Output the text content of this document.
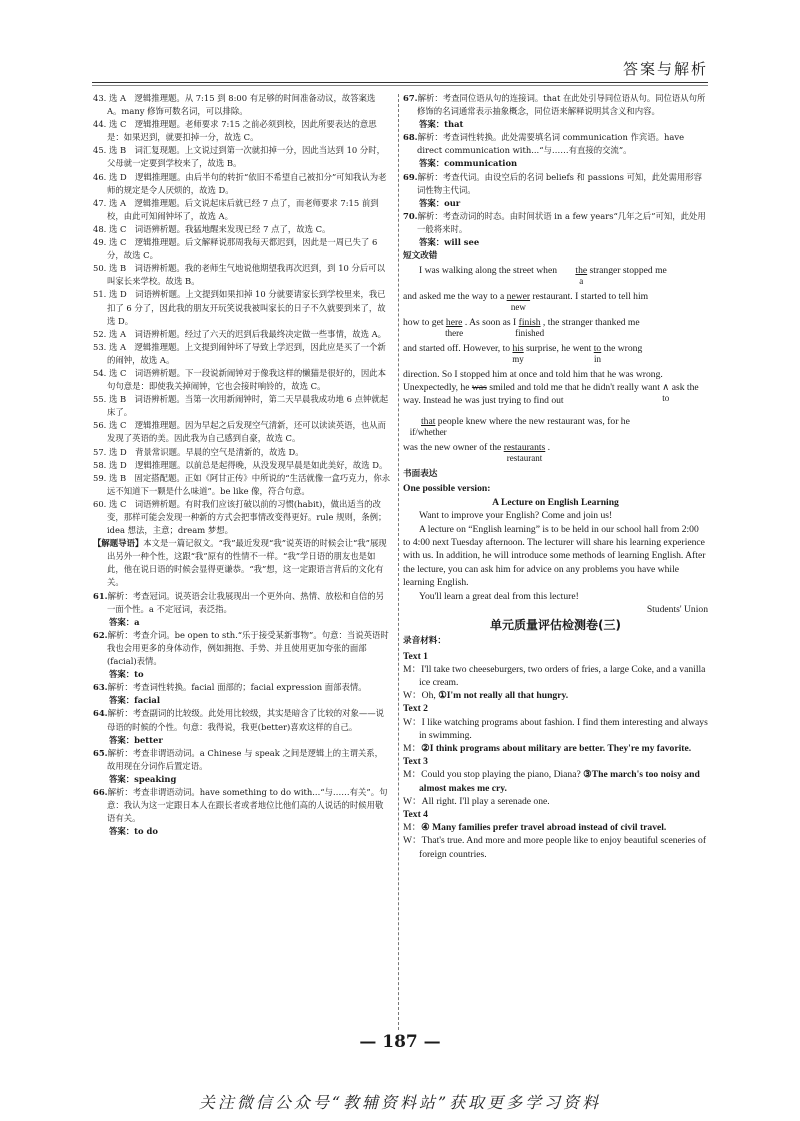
答案与解析

43. 选 A　逻辑推理题。从 7:15 到 8:00 有足够的时间准备动议，故答案选 A。many 修饰可数名词，可以排除。

44. 选 C　逻辑推理题。老师要求 7:15 之前必须到校，因此所要表达的意思是：如果迟到，就要扣掉一分，故选 C。

45. 选 B　词汇复现题。上文说过到第一次就扣掉一分，因此当达到 10 分时，父母就一定要到学校来了，故选 B。

46. 选 D　逻辑推理题。由后半句的转折“依旧不希望自己被扣分”可知我认为老师的规定是令人厌烦的，故选 D。

47. 选 A　逻辑推理题。后文说起床后就已经 7 点了，而老师要求 7:15 前到校，由此可知闹钟坏了，故选 A。

48. 选 C　词语辨析题。我猛地醒来发现已经 7 点了，故选 C。

49. 选 C　逻辑推理题。后文解释说那周我每天都迟到，因此是一周已失了 6 分，故选 C。

50. 选 B　词语辨析题。我的老师生气地说他期望我再次迟到，到 10 分后可以叫家长来学校。故选 B。

51. 选 D　词语辨析题。上文提到如果扣掉 10 分就要请家长到学校里来，我已扣了 6 分了，因此我的朋友开玩笑说我被叫家长的日子不久就要到来了，故选 D。

52. 选 A　词语辨析题。经过了六天的迟到后我最终决定做一些事情，故选 A。

53. 选 A　逻辑推理题。上文提到闹钟坏了导致上学迟到，因此应是买了一个新的闹钟，故选 A。

54. 选 C　词语辨析题。下一段说新闹钟对于像我这样的懒猫是很好的，因此本句句意是：即使我关掉闹钟，它也会接时响铃的，故选 C。

55. 选 B　词语辨析题。当第一次用新闹钟时，第二天早晨我成功地 6 点钟就起床了。

56. 选 C　逻辑推理题。因为早起之后发现空气清新，还可以读读英语，也从而发现了英语的美。因此我为自己感到自豪，故选 C。

57. 选 D　背景常识题。早晨的空气是清新的，故选 D。

58. 选 D　逻辑推理题。以前总是起得晚，从没发现早晨是如此美好，故选 D。

59. 选 B　固定搭配题。正如《阿甘正传》中所说的“生活就像一盒巧克力，你永远不知道下一颗是什么味道”。be like 像，符合句意。

60. 选 C　词语辨析题。有时我们应该打破以前的习惯(habit)，做出适当的改变，那样可能会发现一种新的方式会把事情改变得更好。rule 规则，条例；idea 想法，主意；dream 梦想。

【解题导语】本文是一篇记叙文。“我”最近发现“我”说英语的时候会让“我”展现出另外一种个性，这跟“我”原有的性情不一样。“我”学日语的朋友也是如此，他在说日语的时候会显得更谦恭。“我”想，这一定跟语言背后的文化有关。

61.解析：考查冠词。说英语会让我展现出一个更外向、热情、放松和自信的另一面个性。a 不定冠词，表泛指。

答案：a

62.解析：考查介词。be open to sth.“乐于接受某新事物”。句意：当说英语时我也会用更多的身体动作，例如拥抱、手势、并且使用更加夸张的面部(facial)表情。

答案：to

63.解析：考查词性转换。facial 面部的；facial expression 面部表情。

答案：facial

64.解析：考查副词的比较级。此处用比较级，其实是暗含了比较的对象——说母语的时候的个性。句意：我得说，我更(better)喜欢这样的自己。

答案：better

65.解析：考查非谓语动词。a Chinese 与 speak 之间是逻辑上的主谓关系，故用现在分词作后置定语。

答案：speaking

66.解析：考查非谓语动词。have something to do with...“与……有关”。句意：我认为这一定跟日本人在跟长者或者地位比他们高的人说话的时候用敬语有关。

答案：to do

67.解析：考查同位语从句的连接词。that 在此处引导同位语从句。同位语从句所修饰的名词通常表示抽象概念，同位语来解释说明其含义和内容。

答案：that

68.解析：考查词性转换。此处需要填名词 communication 作宾语。have direct communication with...“与……有直接的交流”。

答案：communication

69.解析：考查代词。由设空后的名词 beliefs 和 passions 可知，此处需用形容词性物主代词。

答案：our

70.解析：考查动词的时态。由时间状语 in a few years“几年之后”可知，此处用一般将来时。

答案：will see

短文改错

I was walking along the street when the
a
stranger stopped me

and asked me the way to a newer
new
restaurant. I started to tell him

how to get here
there
. As soon as I finish
finished
, the stranger thanked me

and started off. However, to his
my
surprise, he went to
in
the wrong

direction. So I stopped him at once and told him that he was wrong. Unexpectedly, he was smiled and told me that he didn't really want ∧
to
ask the way. Instead he was just trying to find out

that
if/whether
people knew where the new restaurant was, for he

was the new owner of the restaurants
restaurant
.

书面表达

One possible version:

A Lecture on English Learning

Want to improve your English? Come and join us!

A lecture on “English learning” is to be held in our school hall from 2:00 to 4:00 next Tuesday afternoon. The lecturer will share his learning experience with us. In addition, he will introduce some methods of learning English. After the lecture, you can ask him for advice on any problems you have while learning English.

You'll learn a great deal from this lecture!

Students' Union

单元质量评估检测卷(三)
录音材料：

Text 1

M：I'll take two cheeseburgers, two orders of fries, a large Coke, and a vanilla ice cream.

W：Oh, ①I'm not really all that hungry.

Text 2

W：I like watching programs about fashion. I find them interesting and always in swimming.

M：②I think programs about military are better. They're my favorite.

Text 3

M：Could you stop playing the piano, Diana? ③The march's too noisy and almost makes me cry.

W：All right. I'll play a serenade one.

Text 4

M：④ Many families prefer travel abroad instead of civil travel.

W：That's true. And more and more people like to enjoy beautiful sceneries of foreign countries.

— 187 —
关注微信公众号“教辅资料站”获取更多学习资料
